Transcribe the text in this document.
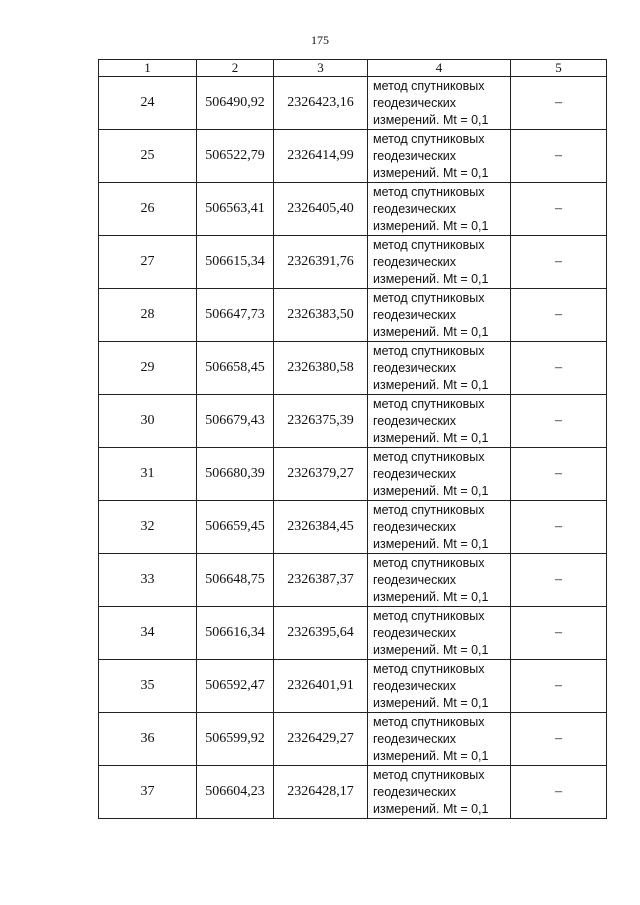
175
1	2	3	4	5
24	506490,92	2326423,16	метод спутниковых
геодезических
измерений. Mt = 0,1	–
25	506522,79	2326414,99	метод спутниковых
геодезических
измерений. Mt = 0,1	–
26	506563,41	2326405,40	метод спутниковых
геодезических
измерений. Mt = 0,1	–
27	506615,34	2326391,76	метод спутниковых
геодезических
измерений. Mt = 0,1	–
28	506647,73	2326383,50	метод спутниковых
геодезических
измерений. Mt = 0,1	–
29	506658,45	2326380,58	метод спутниковых
геодезических
измерений. Mt = 0,1	–
30	506679,43	2326375,39	метод спутниковых
геодезических
измерений. Mt = 0,1	–
31	506680,39	2326379,27	метод спутниковых
геодезических
измерений. Mt = 0,1	–
32	506659,45	2326384,45	метод спутниковых
геодезических
измерений. Mt = 0,1	–
33	506648,75	2326387,37	метод спутниковых
геодезических
измерений. Mt = 0,1	–
34	506616,34	2326395,64	метод спутниковых
геодезических
измерений. Mt = 0,1	–
35	506592,47	2326401,91	метод спутниковых
геодезических
измерений. Mt = 0,1	–
36	506599,92	2326429,27	метод спутниковых
геодезических
измерений. Mt = 0,1	–
37	506604,23	2326428,17	метод спутниковых
геодезических
измерений. Mt = 0,1	–
